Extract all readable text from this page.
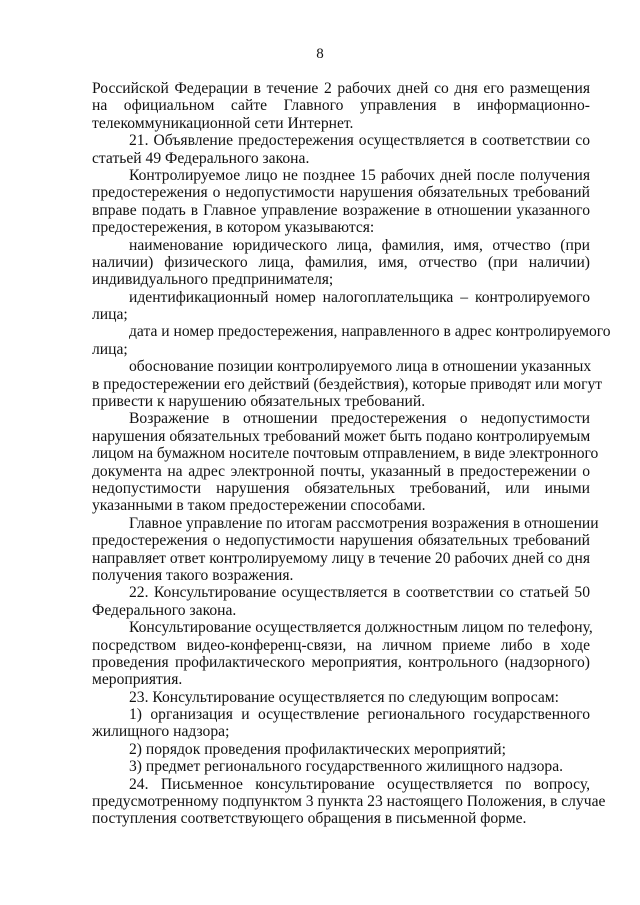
8
Российской Федерации в течение 2 рабочих дней со дня его размещения
на официальном сайте Главного управления в информационно-
телекоммуникационной сети Интернет.
21. Объявление предостережения осуществляется в соответствии со
статьей 49 Федерального закона.
Контролируемое лицо не позднее 15 рабочих дней после получения
предостережения о недопустимости нарушения обязательных требований
вправе подать в Главное управление возражение в отношении указанного
предостережения, в котором указываются:
наименование юридического лица, фамилия, имя, отчество (при
наличии) физического лица, фамилия, имя, отчество (при наличии)
индивидуального предпринимателя;
идентификационный номер налогоплательщика – контролируемого
лица;
дата и номер предостережения, направленного в адрес контролируемого
лица;
обоснование позиции контролируемого лица в отношении указанных
в предостережении его действий (бездействия), которые приводят или могут
привести к нарушению обязательных требований.
Возражение в отношении предостережения о недопустимости
нарушения обязательных требований может быть подано контролируемым
лицом на бумажном носителе почтовым отправлением, в виде электронного
документа на адрес электронной почты, указанный в предостережении о
недопустимости нарушения обязательных требований, или иными
указанными в таком предостережении способами.
Главное управление по итогам рассмотрения возражения в отношении
предостережения о недопустимости нарушения обязательных требований
направляет ответ контролируемому лицу в течение 20 рабочих дней со дня
получения такого возражения.
22. Консультирование осуществляется в соответствии со статьей 50
Федерального закона.
Консультирование осуществляется должностным лицом по телефону,
посредством видео-конференц-связи, на личном приеме либо в ходе
проведения профилактического мероприятия, контрольного (надзорного)
мероприятия.
23. Консультирование осуществляется по следующим вопросам:
1) организация и осуществление регионального государственного
жилищного надзора;
2) порядок проведения профилактических мероприятий;
3) предмет регионального государственного жилищного надзора.
24. Письменное консультирование осуществляется по вопросу,
предусмотренному подпунктом 3 пункта 23 настоящего Положения, в случае
поступления соответствующего обращения в письменной форме.
